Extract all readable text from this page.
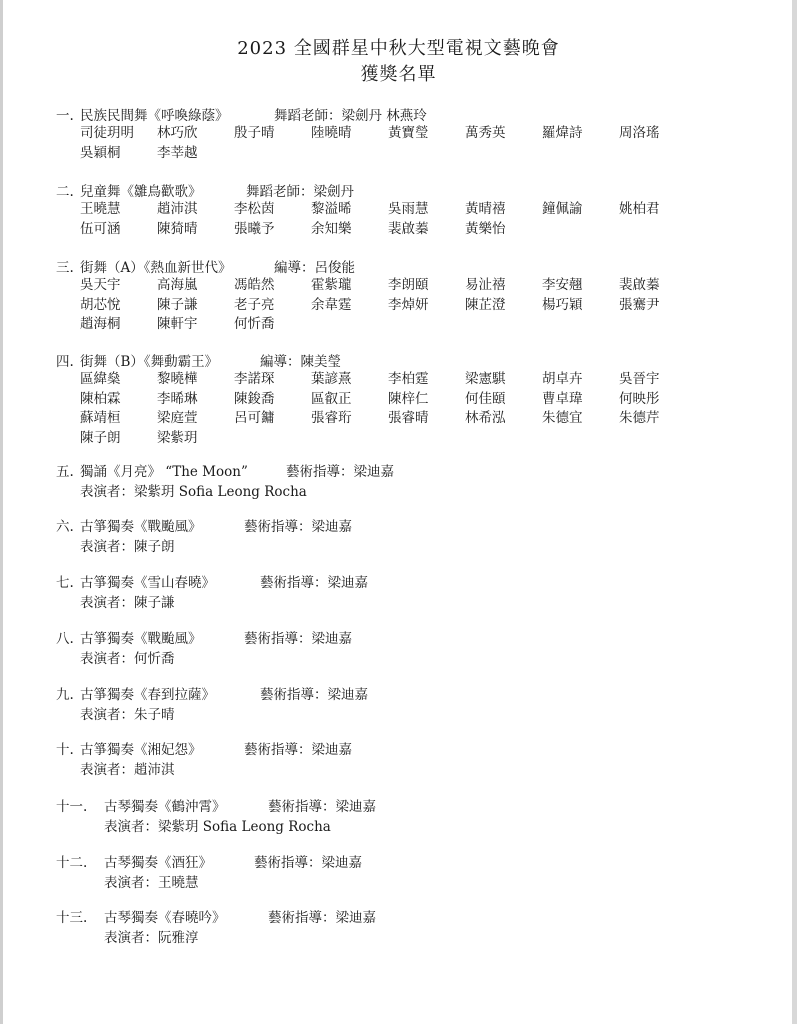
2023 全國群星中秋大型電視文藝晚會
獲獎名單
一. 民族民間舞《呼喚綠蔭》	舞蹈老師：梁劍丹 林燕玲
司徒玥明	林巧欣	殷子晴	陸曉晴	黃寶瑩	萬秀英	羅煒詩	周洛瑤
吳穎桐	李莘越
二. 兒童舞《雛鳥歡歌》	舞蹈老師：梁劍丹
王曉慧	趙沛淇	李松茵	黎溢晞	吳雨慧	黃晴禧	鐘佩諭	姚柏君
伍可涵	陳猗晴	張曦予	余知樂	裴啟蓁	黃樂怡
三. 街舞（A）《熱血新世代》	編導：呂俊能
吳天宇	高海嵐	馮皓然	霍紫瓏	李朗頤	易沚禧	李安翹	裴啟蓁
胡芯悅	陳子謙	老子亮	余韋霆	李焯妍	陳芷澄	楊巧穎	張騫尹
趙海桐	陳軒宇	何忻喬
四. 街舞（B）《舞動霸王》	編導：陳美瑩
區緯燊	黎曉樺	李諾琛	葉諺熹	李柏霆	梁憲騏	胡卓卉	吳晉宇
陳柏霖	李晞琳	陳鋑喬	區叡正	陳梓仁	何佳頤	曹卓瑋	何映彤
蘇靖桓	梁庭萱	呂可鏞	張睿珩	張睿晴	林希泓	朱德宜	朱德芹
陳子朗	梁紫玥
五. 獨誦《月亮》 “The Moon”	藝術指導：梁迪嘉
表演者：梁紫玥 Sofia Leong Rocha
六. 古箏獨奏《戰颱風》	藝術指導：梁迪嘉
表演者：陳子朗
七. 古箏獨奏《雪山春曉》	藝術指導：梁迪嘉
表演者：陳子謙
八. 古箏獨奏《戰颱風》	藝術指導：梁迪嘉
表演者：何忻喬
九. 古箏獨奏《春到拉薩》	藝術指導：梁迪嘉
表演者：朱子晴
十. 古箏獨奏《湘妃怨》	藝術指導：梁迪嘉
表演者：趙沛淇
十一. 古琴獨奏《鶴沖霄》	藝術指導：梁迪嘉
表演者：梁紫玥 Sofia Leong Rocha
十二. 古琴獨奏《酒狂》	藝術指導：梁迪嘉
表演者：王曉慧
十三. 古琴獨奏《春曉吟》	藝術指導：梁迪嘉
表演者：阮雅淳
